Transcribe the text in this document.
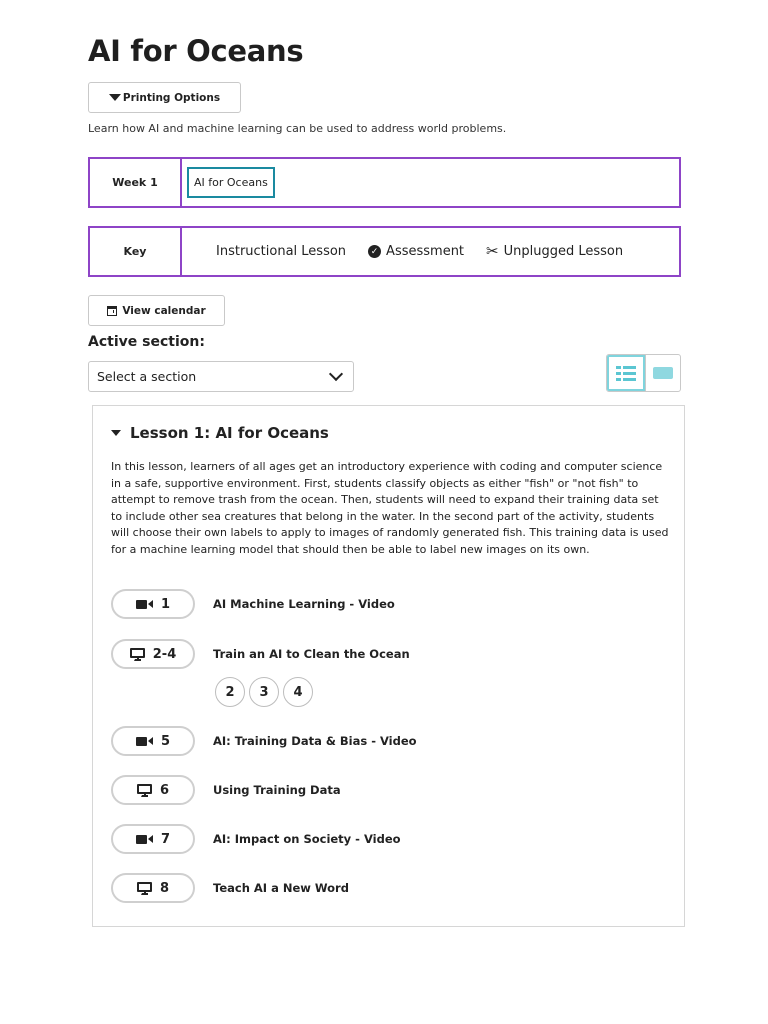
AI for Oceans
Printing Options
Learn how AI and machine learning can be used to address world problems.
Week 1	AI for Oceans
Key	Instructional Lesson	✓ Assessment ✂ Unplugged Lesson
View calendar
Active section:
Select a section
Lesson 1: AI for Oceans
In this lesson, learners of all ages get an introductory experience with coding and computer science in a safe, supportive environment. First, students classify objects as either "fish" or "not fish" to attempt to remove trash from the ocean. Then, students will need to expand their training data set to include other sea creatures that belong in the water. In the second part of the activity, students will choose their own labels to apply to images of randomly generated fish. This training data is used for a machine learning model that should then be able to label new images on its own.
1	AI Machine Learning - Video
2-4	Train an AI to Clean the Ocean
2	3	4
5	AI: Training Data & Bias - Video
6	Using Training Data
7	AI: Impact on Society - Video
8	Teach AI a New Word
